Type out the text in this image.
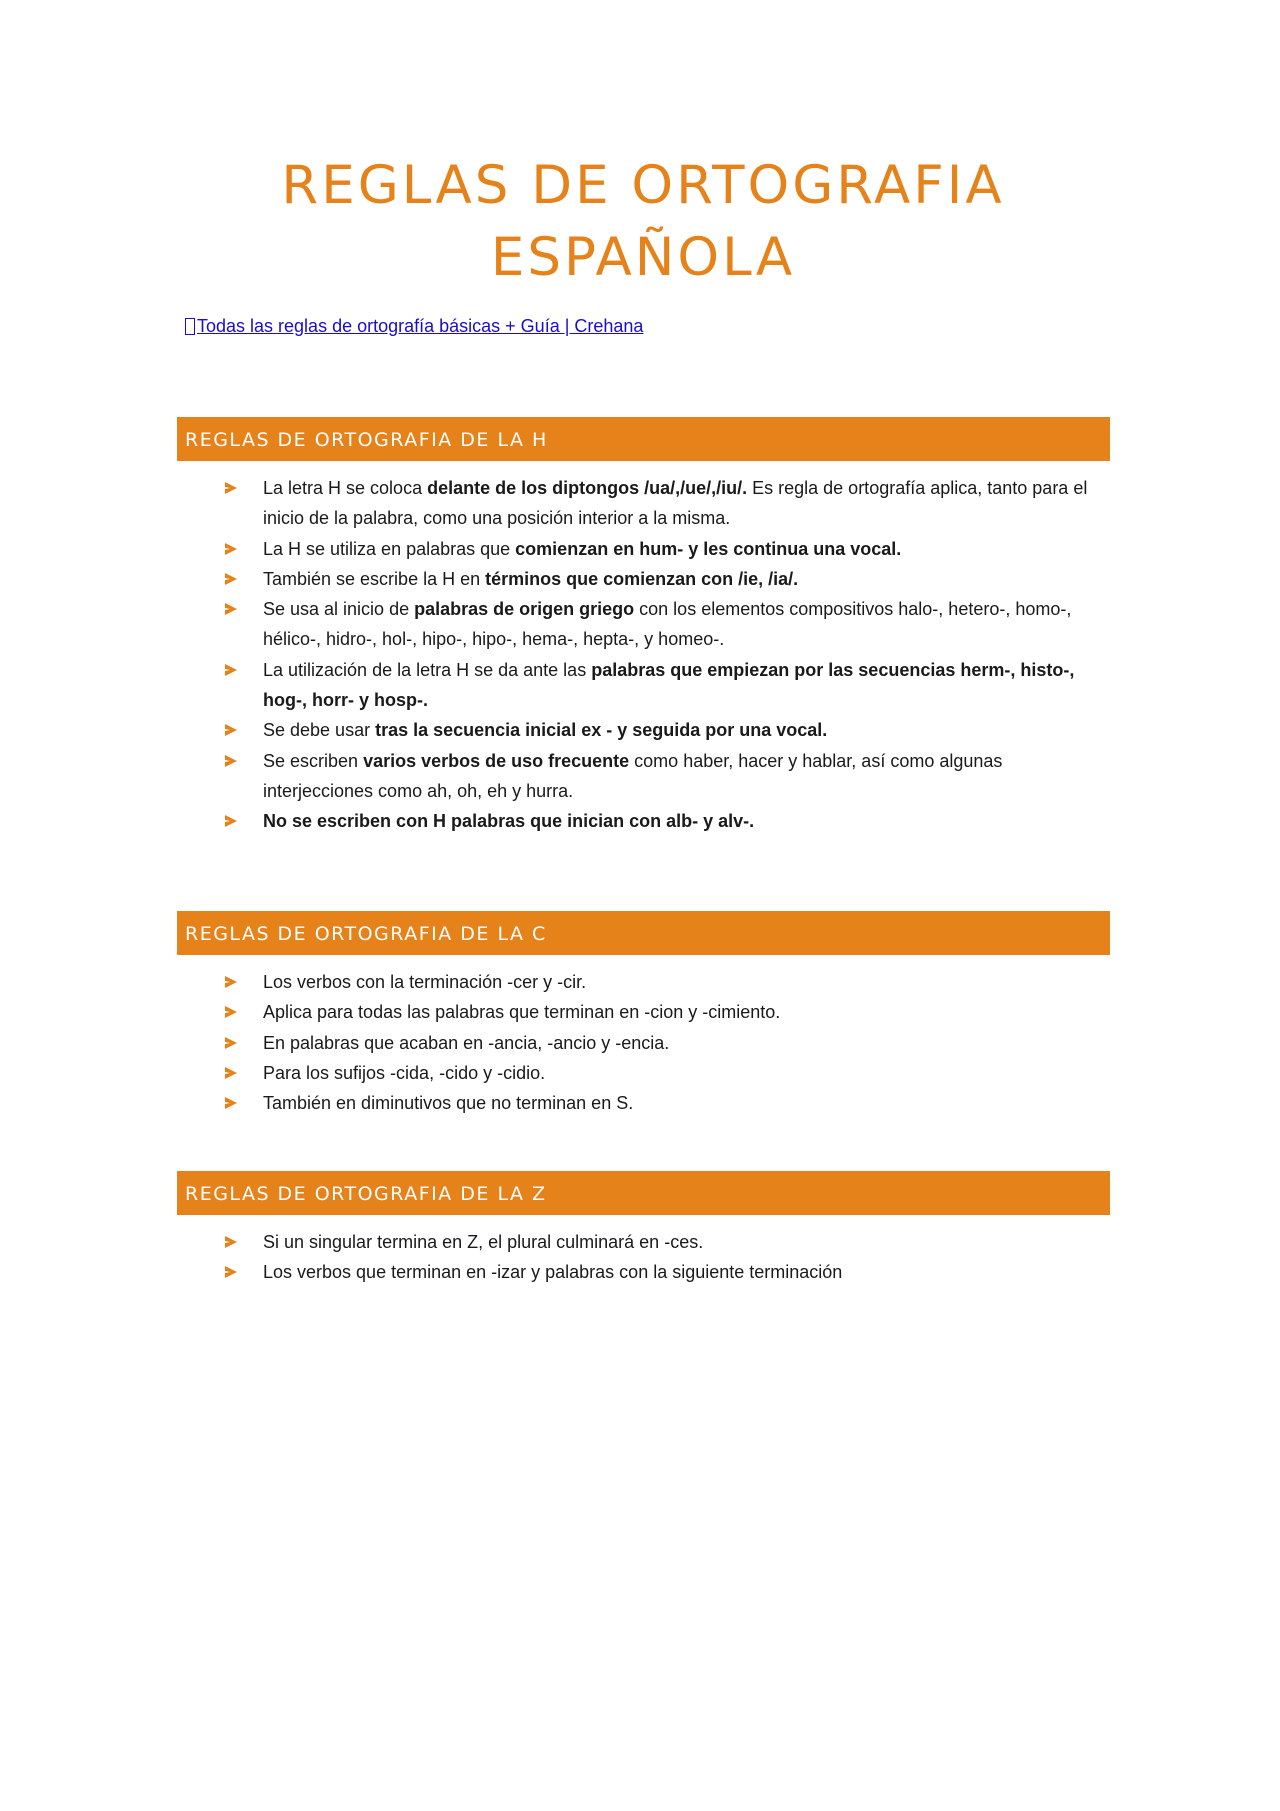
REGLAS DE ORTOGRAFIA
ESPAÑOLA
Todas las reglas de ortografía básicas + Guía | Crehana
REGLAS DE ORTOGRAFIA DE LA H
La letra H se coloca delante de los diptongos /ua/,/ue/,/iu/. Es regla de ortografía aplica, tanto para el inicio de la palabra, como una posición interior a la misma.
La H se utiliza en palabras que comienzan en hum- y les continua una vocal.
También se escribe la H en términos que comienzan con /ie, /ia/.
Se usa al inicio de palabras de origen griego con los elementos compositivos halo-, hetero-, homo-, hélico-, hidro-, hol-, hipo-, hipo-, hema-, hepta-, y homeo-.
La utilización de la letra H se da ante las palabras que empiezan por las secuencias herm-, histo-, hog-, horr- y hosp-.
Se debe usar tras la secuencia inicial ex - y seguida por una vocal.
Se escriben varios verbos de uso frecuente como haber, hacer y hablar, así como algunas interjecciones como ah, oh, eh y hurra.
No se escriben con H palabras que inician con alb- y alv-.
REGLAS DE ORTOGRAFIA DE LA C
Los verbos con la terminación -cer y -cir.
Aplica para todas las palabras que terminan en -cion y -cimiento.
En palabras que acaban en -ancia, -ancio y -encia.
Para los sufijos -cida, -cido y -cidio.
También en diminutivos que no terminan en S.
REGLAS DE ORTOGRAFIA DE LA Z
Si un singular termina en Z, el plural culminará en -ces.
Los verbos que terminan en -izar y palabras con la siguiente terminación
